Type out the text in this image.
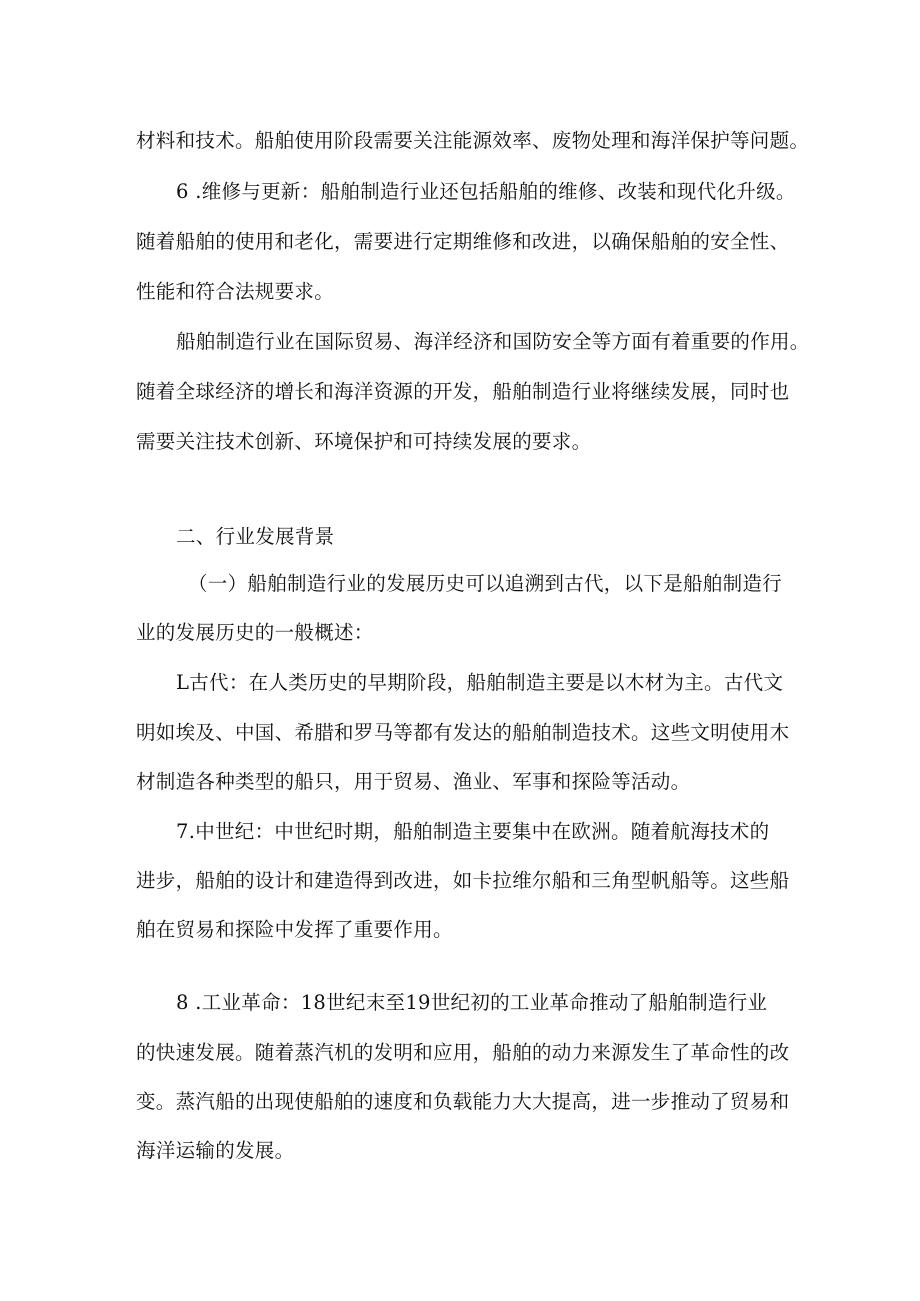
材料和技术。船舶使用阶段需要关注能源效率、废物处理和海洋保护等问题。
6 .维修与更新：船舶制造行业还包括船舶的维修、改装和现代化升级。
随着船舶的使用和老化，需要进行定期维修和改进，以确保船舶的安全性、
性能和符合法规要求。
船舶制造行业在国际贸易、海洋经济和国防安全等方面有着重要的作用。
随着全球经济的增长和海洋资源的开发，船舶制造行业将继续发展，同时也
需要关注技术创新、环境保护和可持续发展的要求。
二、行业发展背景
（一）船舶制造行业的发展历史可以追溯到古代，以下是船舶制造行
业的发展历史的一般概述：
L古代：在人类历史的早期阶段，船舶制造主要是以木材为主。古代文
明如埃及、中国、希腊和罗马等都有发达的船舶制造技术。这些文明使用木
材制造各种类型的船只，用于贸易、渔业、军事和探险等活动。
7.中世纪：中世纪时期，船舶制造主要集中在欧洲。随着航海技术的
进步，船舶的设计和建造得到改进，如卡拉维尔船和三角型帆船等。这些船
舶在贸易和探险中发挥了重要作用。
8 .工业革命：18世纪末至19世纪初的工业革命推动了船舶制造行业
的快速发展。随着蒸汽机的发明和应用，船舶的动力来源发生了革命性的改
变。蒸汽船的出现使船舶的速度和负载能力大大提高，进一步推动了贸易和
海洋运输的发展。
